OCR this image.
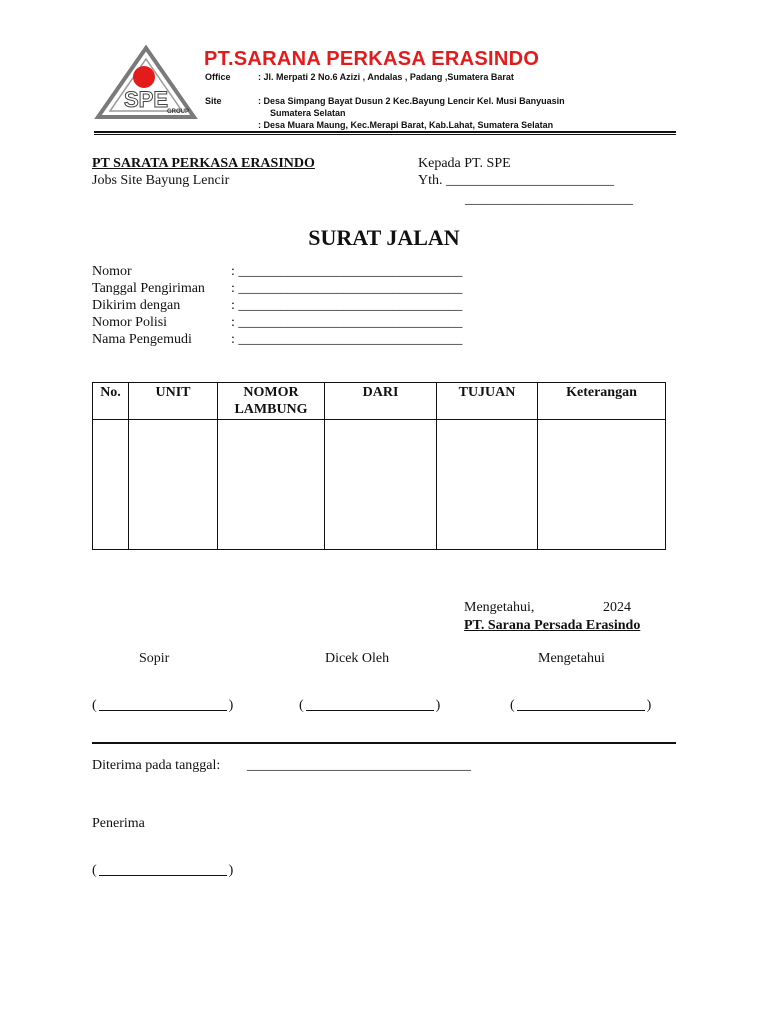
SPE
GROUP
PT.SARANA PERKASA ERASINDO
Office	: Jl. Merpati 2 No.6 Azizi , Andalas , Padang ,Sumatera Barat
Site	: Desa Simpang Bayat Dusun 2 Kec.Bayung Lencir Kel. Musi Banyuasin
Sumatera Selatan
: Desa Muara Maung, Kec.Merapi Barat, Kab.Lahat, Sumatera Selatan
PT SARATA PERKASA ERASINDO
Jobs Site Bayung Lencir
Kepada PT. SPE
Yth. ________________________
________________________
SURAT JALAN
Nomor	: ________________________________
Tanggal Pengiriman : ________________________________
Dikirim dengan	: ________________________________
Nomor Polisi	: ________________________________
Nama Pengemudi	: ________________________________
No.	UNIT	NOMOR LAMBUNG	DARI	TUJUAN	Keterangan

Mengetahui,	2024
PT. Sarana Persada Erasindo
Sopir	Dicek Oleh	Mengetahui
(	)	(	)	(	)
Diterima pada tanggal: ________________________________
Penerima
(	)
